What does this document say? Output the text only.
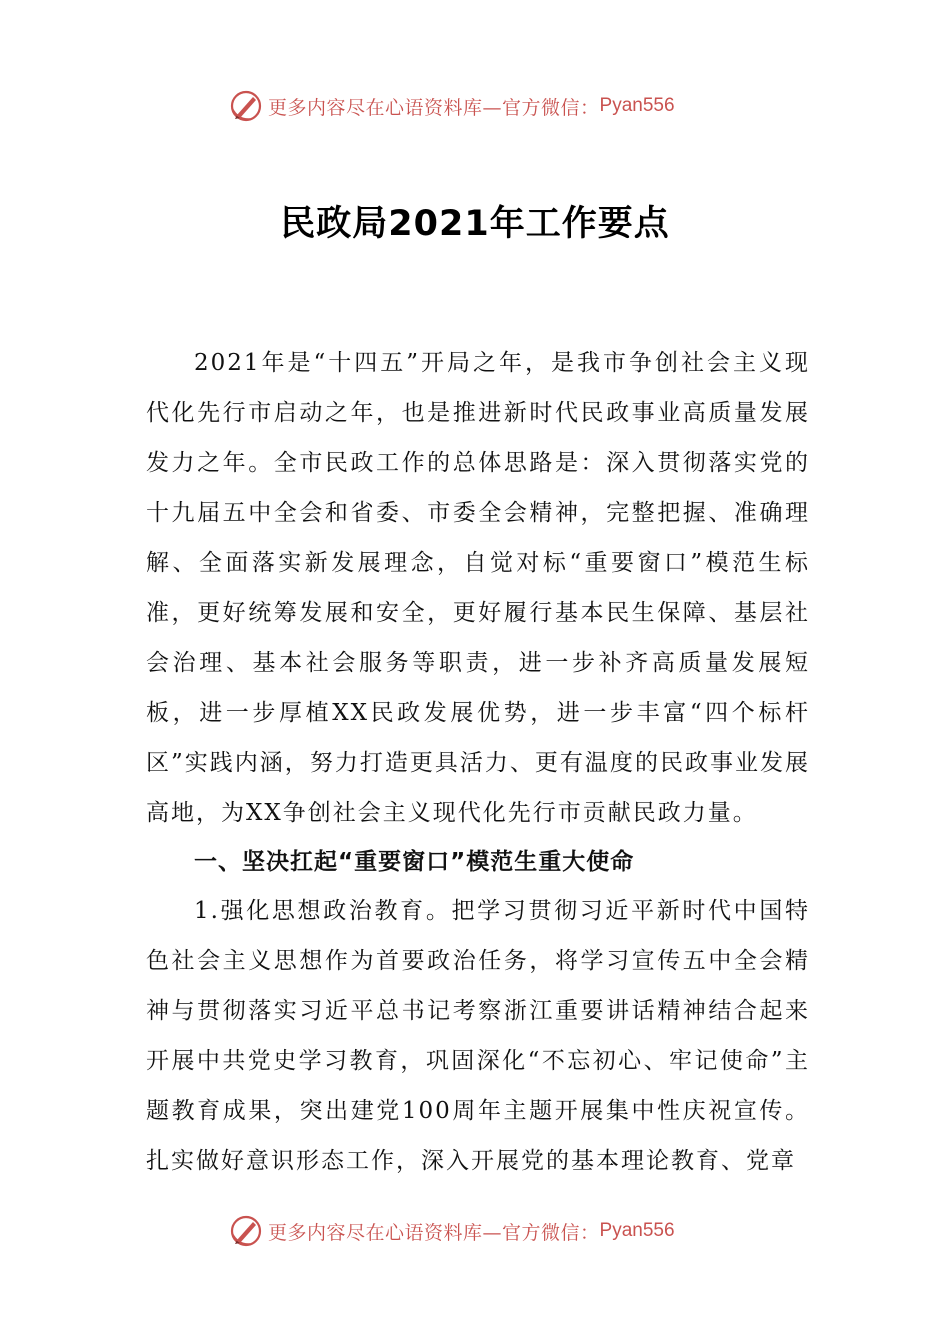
更多内容尽在心语资料库—官方微信： Pyan556
民政局2021年工作要点

2021年是“十四五”开局之年，是我市争创社会主义现代化先行市启动之年，也是推进新时代民政事业高质量发展发力之年。全市民政工作的总体思路是：深入贯彻落实党的十九届五中全会和省委、市委全会精神，完整把握、准确理解、全面落实新发展理念，自觉对标“重要窗口”模范生标准，更好统筹发展和安全，更好履行基本民生保障、基层社会治理、基本社会服务等职责，进一步补齐高质量发展短板，进一步厚植XX民政发展优势，进一步丰富“四个标杆区”实践内涵，努力打造更具活力、更有温度的民政事业发展高地，为XX争创社会主义现代化先行市贡献民政力量。

一、坚决扛起“重要窗口”模范生重大使命

1.强化思想政治教育。把学习贯彻习近平新时代中国特色社会主义思想作为首要政治任务，将学习宣传五中全会精神与贯彻落实习近平总书记考察浙江重要讲话精神结合起来开展中共党史学习教育，巩固深化“不忘初心、牢记使命”主题教育成果，突出建党100周年主题开展集中性庆祝宣传。扎实做好意识形态工作，深入开展党的基本理论教育、党章

更多内容尽在心语资料库—官方微信： Pyan556
